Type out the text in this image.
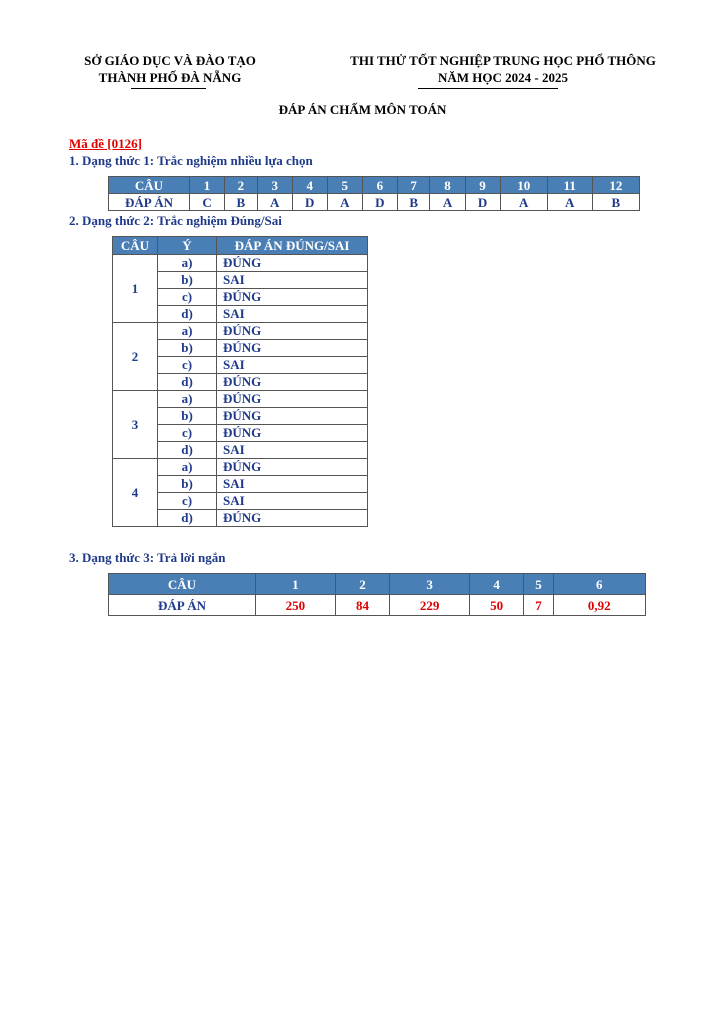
SỞ GIÁO DỤC VÀ ĐÀO TẠO
THÀNH PHỐ ĐÀ NẴNG
THI THỬ TỐT NGHIỆP TRUNG HỌC PHỔ THÔNG
NĂM HỌC 2024 - 2025
ĐÁP ÁN CHẤM MÔN TOÁN
Mã đề [0126]
1. Dạng thức 1: Trắc nghiệm nhiều lựa chọn
CÂU	1	2	3	4	5	6	7	8	9	10	11	12
ĐÁP ÁN	C	B	A	D	A	D	B	A	D	A	A	B
2. Dạng thức 2: Trắc nghiệm Đúng/Sai
CÂU	Ý	ĐÁP ÁN ĐÚNG/SAI
1	a)	ĐÚNG
	b)	SAI
	c)	ĐÚNG
	d)	SAI
2	a)	ĐÚNG
	b)	ĐÚNG
	c)	SAI
	d)	ĐÚNG
3	a)	ĐÚNG
	b)	ĐÚNG
	c)	ĐÚNG
	d)	SAI
4	a)	ĐÚNG
	b)	SAI
	c)	SAI
	d)	ĐÚNG
3. Dạng thức 3: Trả lời ngắn
CÂU	1	2	3	4	5	6
ĐÁP ÁN	250	84	229	50	7	0,92
